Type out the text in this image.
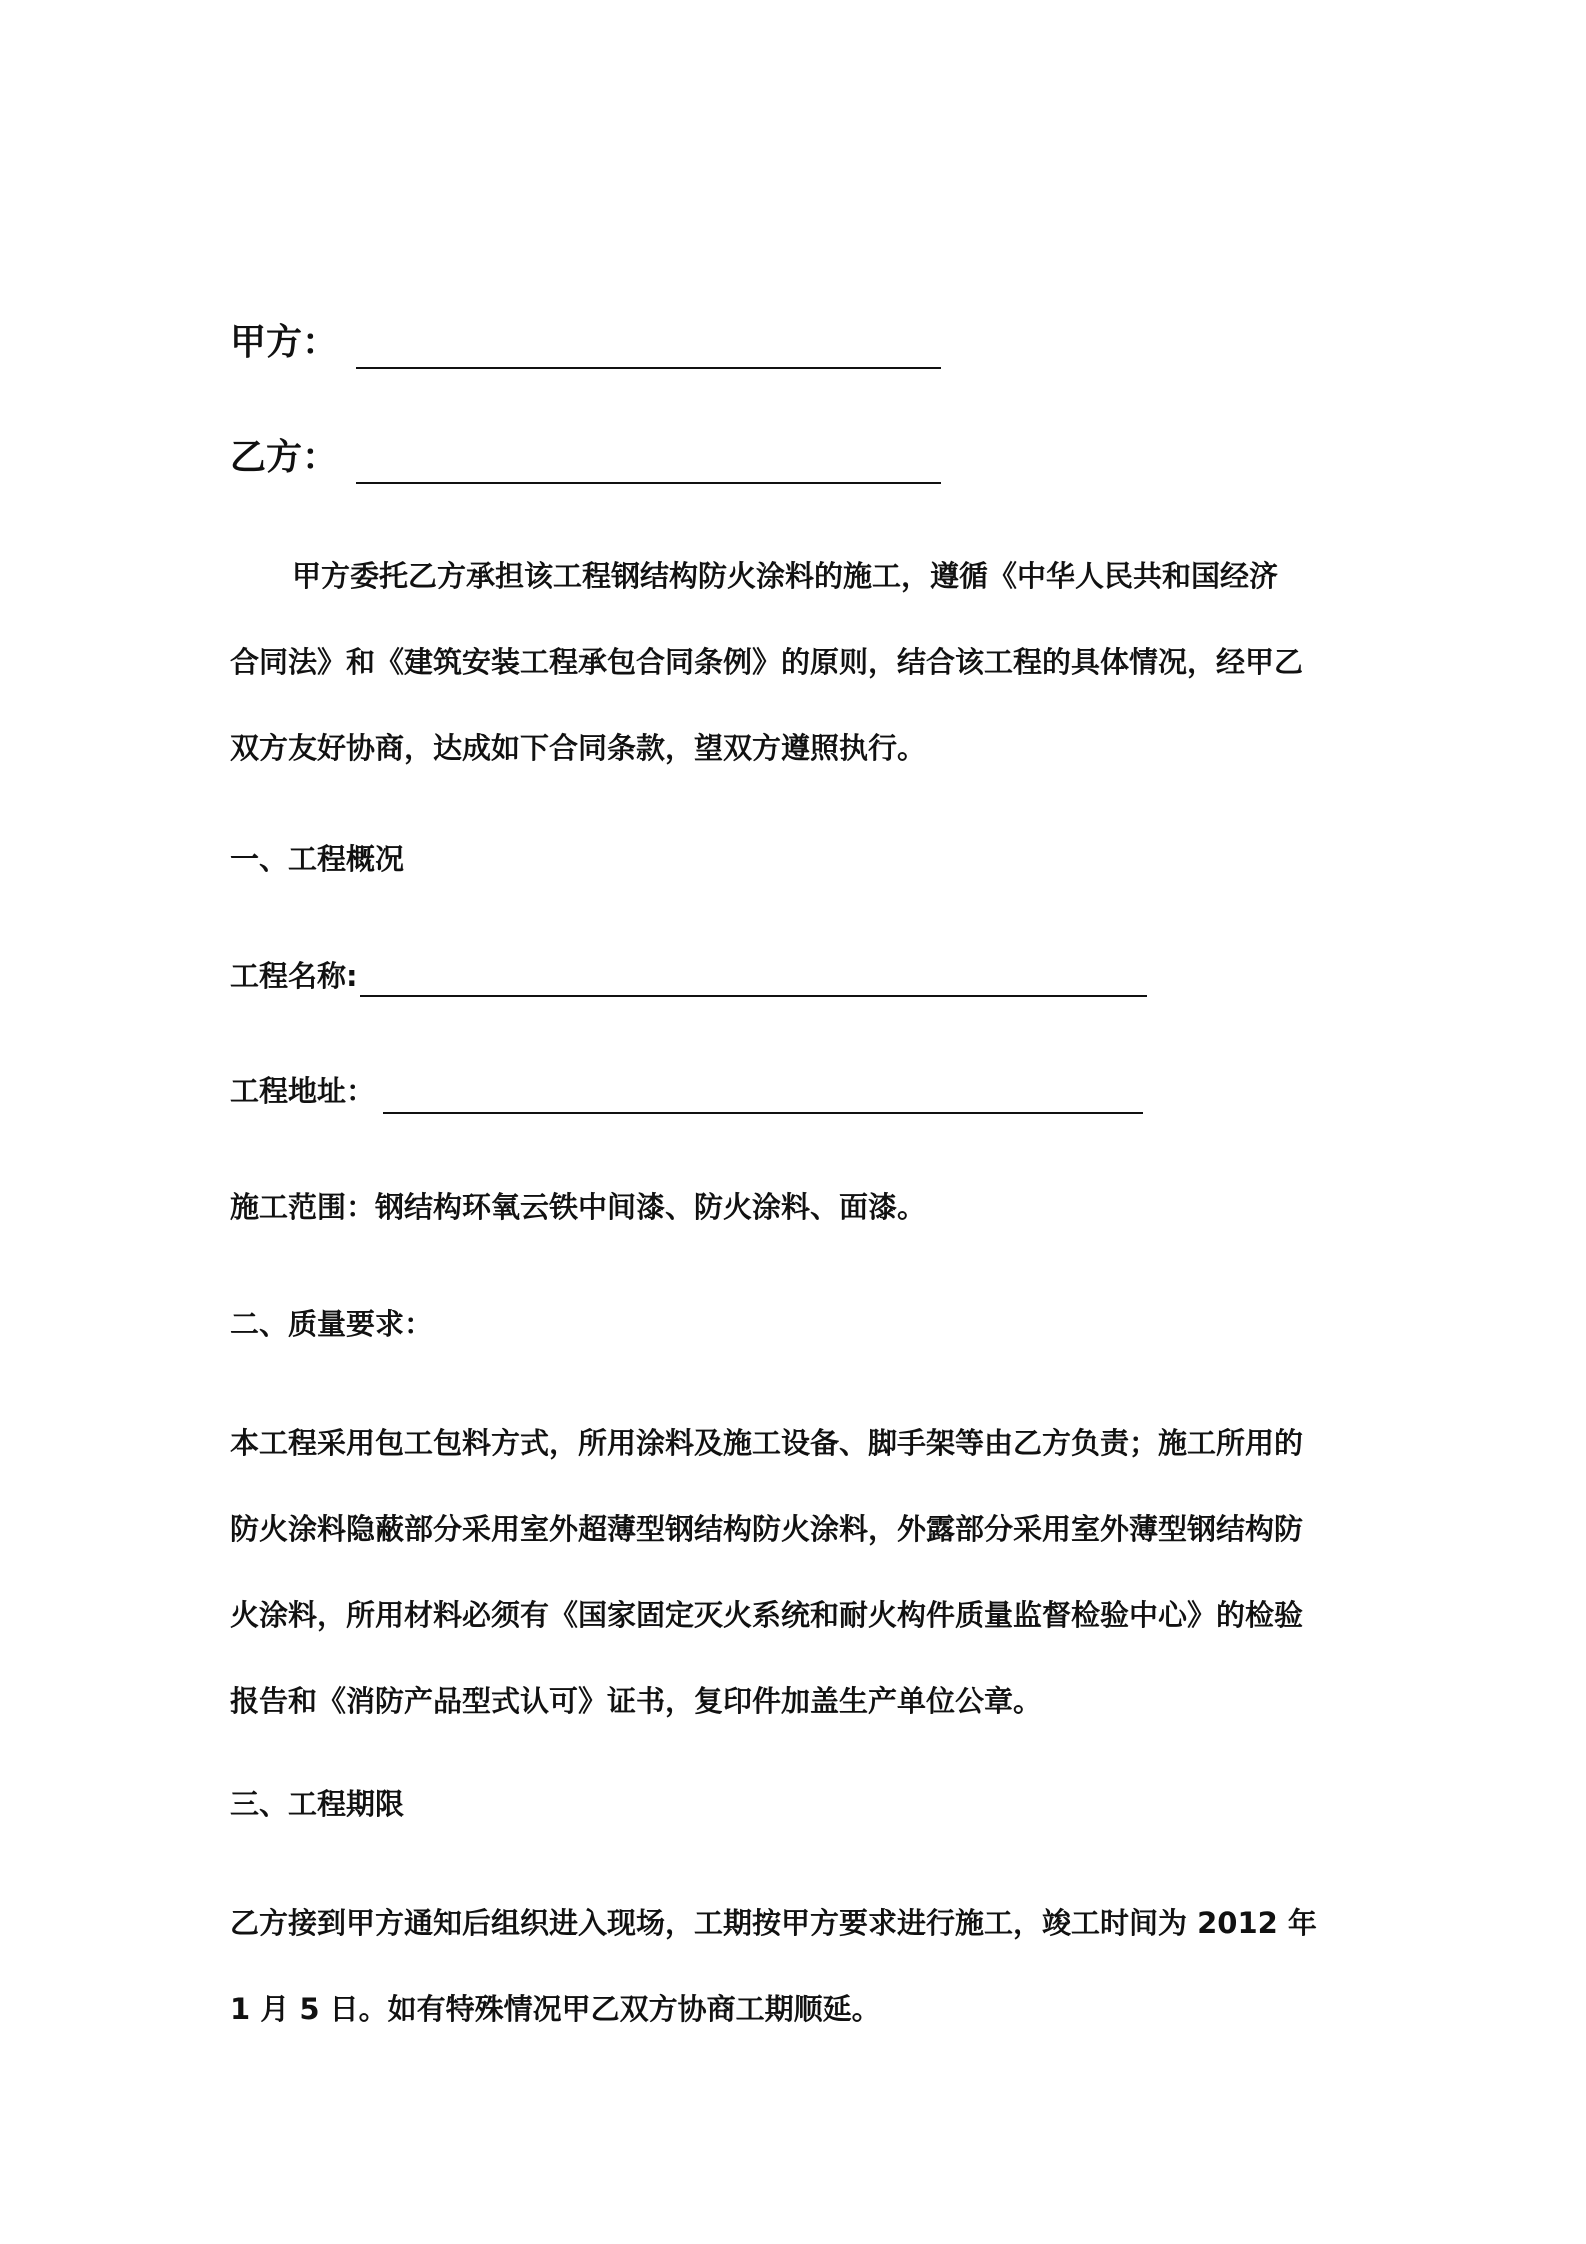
甲方：
乙方：
甲方委托乙方承担该工程钢结构防火涂料的施工，遵循《中华人民共和国经济
合同法》和《建筑安装工程承包合同条例》的原则，结合该工程的具体情况，经甲乙
双方友好协商，达成如下合同条款，望双方遵照执行。
一、工程概况
工程名称:
工程地址：
施工范围：钢结构环氧云铁中间漆、防火涂料、面漆。
二、质量要求：
本工程采用包工包料方式，所用涂料及施工设备、脚手架等由乙方负责；施工所用的
防火涂料隐蔽部分采用室外超薄型钢结构防火涂料，外露部分采用室外薄型钢结构防
火涂料，所用材料必须有《国家固定灭火系统和耐火构件质量监督检验中心》的检验
报告和《消防产品型式认可》证书，复印件加盖生产单位公章。
三、工程期限
乙方接到甲方通知后组织进入现场，工期按甲方要求进行施工，竣工时间为 2012 年
1 月 5 日。如有特殊情况甲乙双方协商工期顺延。
